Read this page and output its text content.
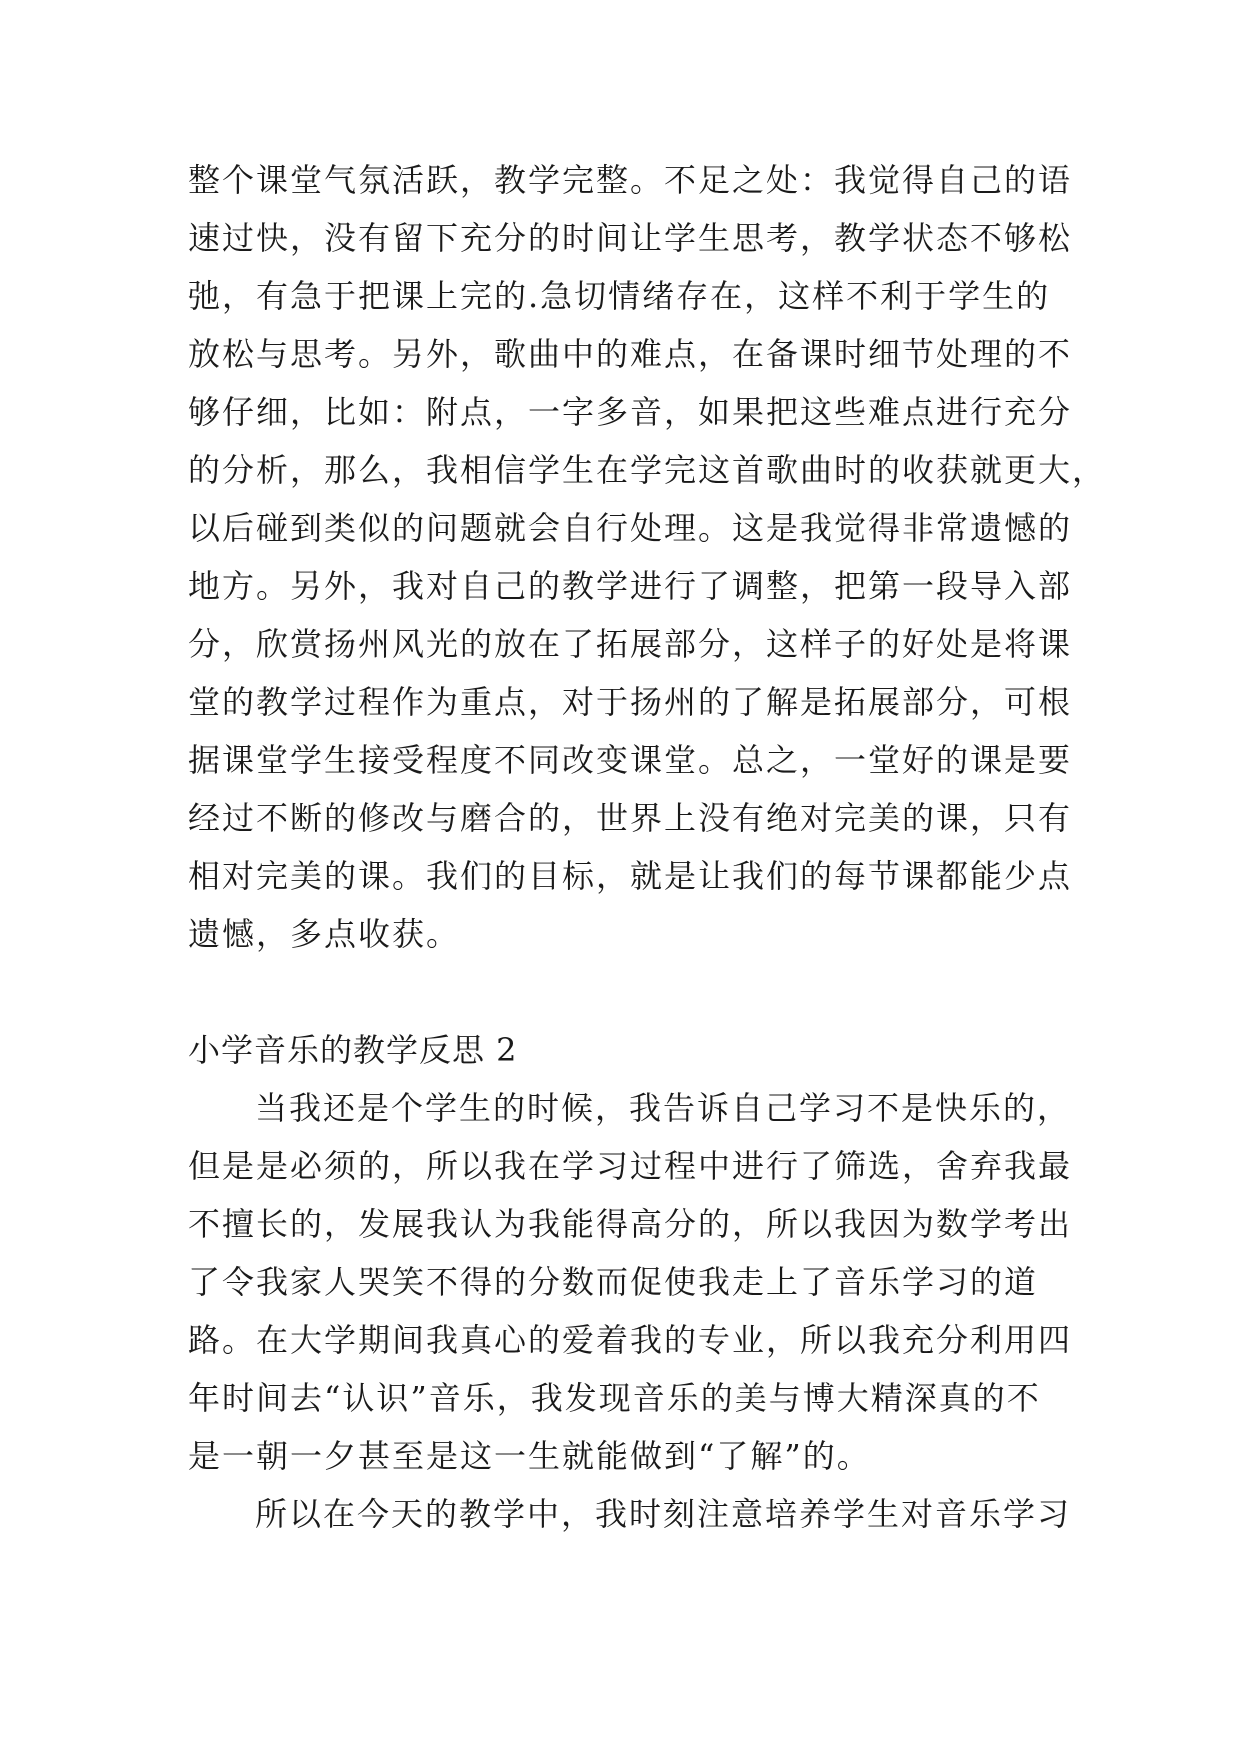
整个课堂气氛活跃，教学完整。不足之处：我觉得自己的语
速过快，没有留下充分的时间让学生思考，教学状态不够松
弛，有急于把课上完的.急切情绪存在，这样不利于学生的
放松与思考。另外，歌曲中的难点，在备课时细节处理的不
够仔细，比如：附点，一字多音，如果把这些难点进行充分
的分析，那么，我相信学生在学完这首歌曲时的收获就更大，
以后碰到类似的问题就会自行处理。这是我觉得非常遗憾的
地方。另外，我对自己的教学进行了调整，把第一段导入部
分，欣赏扬州风光的放在了拓展部分，这样子的好处是将课
堂的教学过程作为重点，对于扬州的了解是拓展部分，可根
据课堂学生接受程度不同改变课堂。总之，一堂好的课是要
经过不断的修改与磨合的，世界上没有绝对完美的课，只有
相对完美的课。我们的目标，就是让我们的每节课都能少点
遗憾，多点收获。
小学音乐的教学反思 2
当我还是个学生的时候，我告诉自己学习不是快乐的，
但是是必须的，所以我在学习过程中进行了筛选，舍弃我最
不擅长的，发展我认为我能得高分的，所以我因为数学考出
了令我家人哭笑不得的分数而促使我走上了音乐学习的道
路。在大学期间我真心的爱着我的专业，所以我充分利用四
年时间去“认识”音乐，我发现音乐的美与博大精深真的不
是一朝一夕甚至是这一生就能做到“了解”的。
所以在今天的教学中，我时刻注意培养学生对音乐学习
